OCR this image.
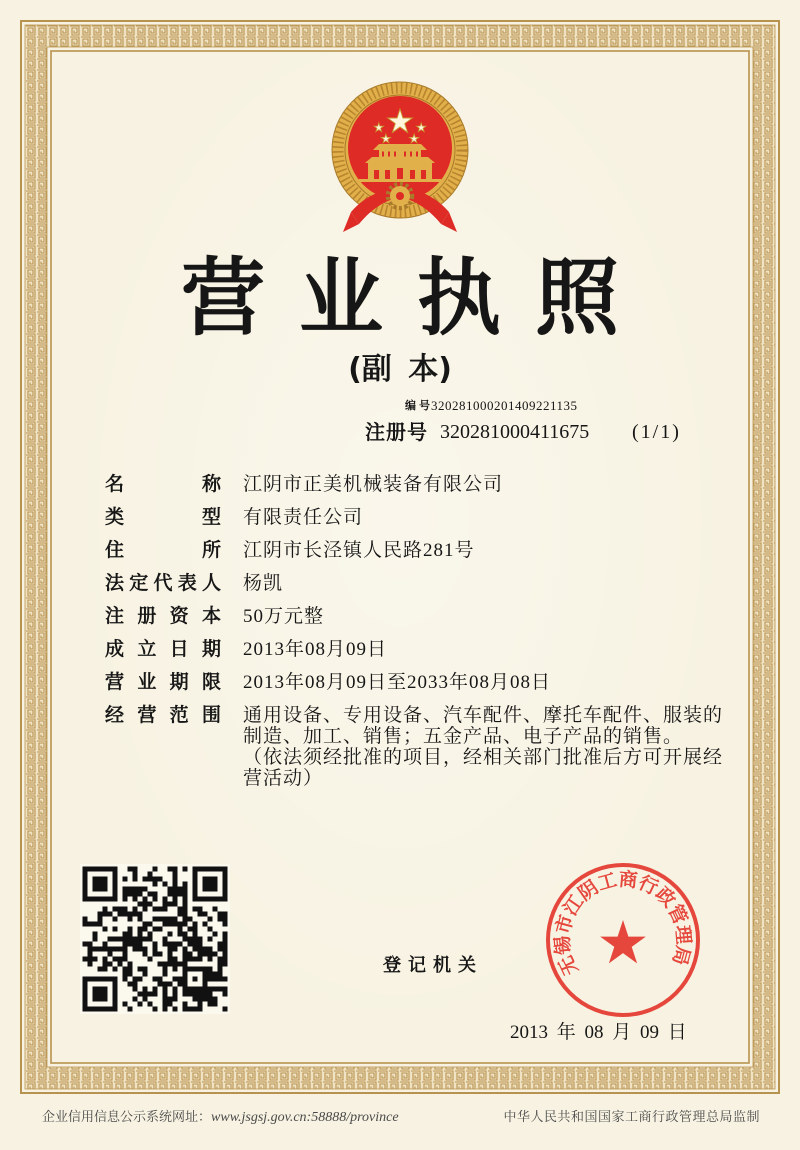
营业执照
(副 本)
编号
320281000201409221135
注册号 320281000411675 (1/1)
名	称 江阴市正美机械装备有限公司
类	型 有限责任公司
住	所 江阴市长泾镇人民路281号
法 定 代 表 人 杨凯
注 册 资 本 50万元整
成 立 日 期 2013年08月09日
营 业 期 限 2013年08月09日至2033年08月08日
经 营 范 围 通用设备、专用设备、汽车配件、摩托车配件、服装的
制造、加工、销售；五金产品、电子产品的销售。
（依法须经批准的项目，经相关部门批准后方可开展经
营活动）
登记机关	无锡市江阴工商行政管理局
2013 年 08 月 09 日
企业信用信息公示系统网址：www.jsgsj.gov.cn:58888/province	中华人民共和国国家工商行政管理总局监制
